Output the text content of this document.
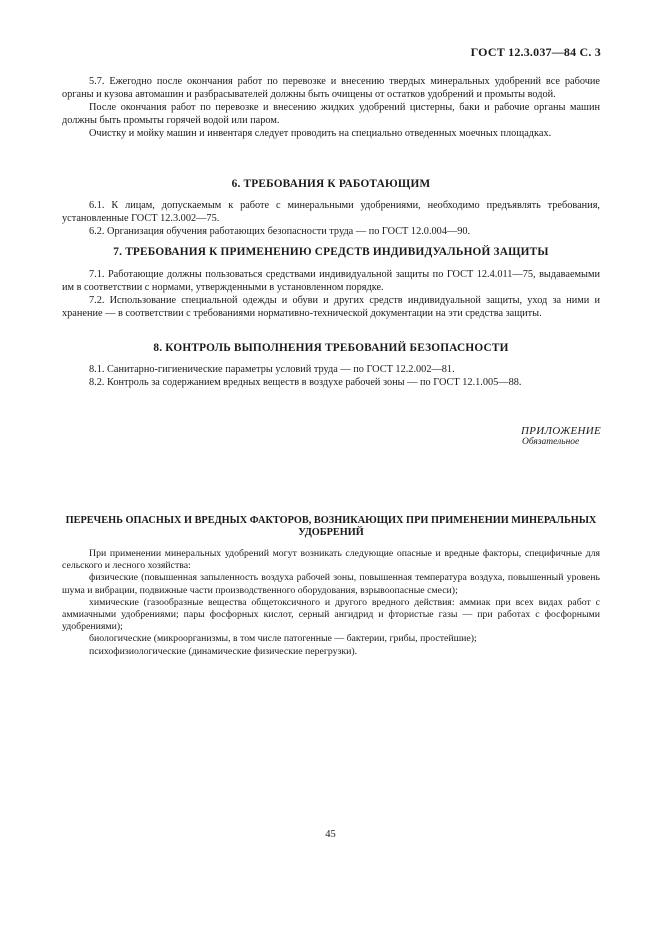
ГОСТ 12.3.037—84 С. 3

5.7. Ежегодно после окончания работ по перевозке и внесению твердых минеральных удобрений все рабочие органы и кузова автомашин и разбрасывателей должны быть очищены от остатков удобрений и промыты водой.

После окончания работ по перевозке и внесению жидких удобрений цистерны, баки и рабочие органы машин должны быть промыты горячей водой или паром.

Очистку и мойку машин и инвентаря следует проводить на специально отведенных моечных площадках.

6. ТРЕБОВАНИЯ К РАБОТАЮЩИМ

6.1. К лицам, допускаемым к работе с минеральными удобрениями, необходимо предъявлять требования, установленные ГОСТ 12.3.002—75.

6.2. Организация обучения работающих безопасности труда — по ГОСТ 12.0.004—90.

7. ТРЕБОВАНИЯ К ПРИМЕНЕНИЮ СРЕДСТВ ИНДИВИДУАЛЬНОЙ ЗАЩИТЫ

7.1. Работающие должны пользоваться средствами индивидуальной защиты по ГОСТ 12.4.011—75, выдаваемыми им в соответствии с нормами, утвержденными в установленном порядке.

7.2. Использование специальной одежды и обуви и других средств индивидуальной защиты, уход за ними и хранение — в соответствии с требованиями нормативно-технической документации на эти средства защиты.

8. КОНТРОЛЬ ВЫПОЛНЕНИЯ ТРЕБОВАНИЙ БЕЗОПАСНОСТИ

8.1. Санитарно-гигиенические параметры условий труда — по ГОСТ 12.2.002—81.

8.2. Контроль за содержанием вредных веществ в воздухе рабочей зоны — по ГОСТ 12.1.005—88.

ПРИЛОЖЕНИЕ
Обязательное
ПЕРЕЧЕНЬ ОПАСНЫХ И ВРЕДНЫХ ФАКТОРОВ, ВОЗНИКАЮЩИХ ПРИ ПРИМЕНЕНИИ МИНЕРАЛЬНЫХ УДОБРЕНИЙ

При применении минеральных удобрений могут возникать следующие опасные и вредные факторы, специфичные для сельского и лесного хозяйства:

физические (повышенная запыленность воздуха рабочей зоны, повышенная температура воздуха, повышенный уровень шума и вибрации, подвижные части производственного оборудования, взрывоопасные смеси);

химические (газообразные вещества общетоксичного и другого вредного действия: аммиак при всех видах работ с аммиачными удобрениями; пары фосфорных кислот, серный ангидрид и фтористые газы — при работах с фосфорными удобрениями);

биологические (микроорганизмы, в том числе патогенные — бактерии, грибы, простейшие);

психофизиологические (динамические физические перегрузки).

45
